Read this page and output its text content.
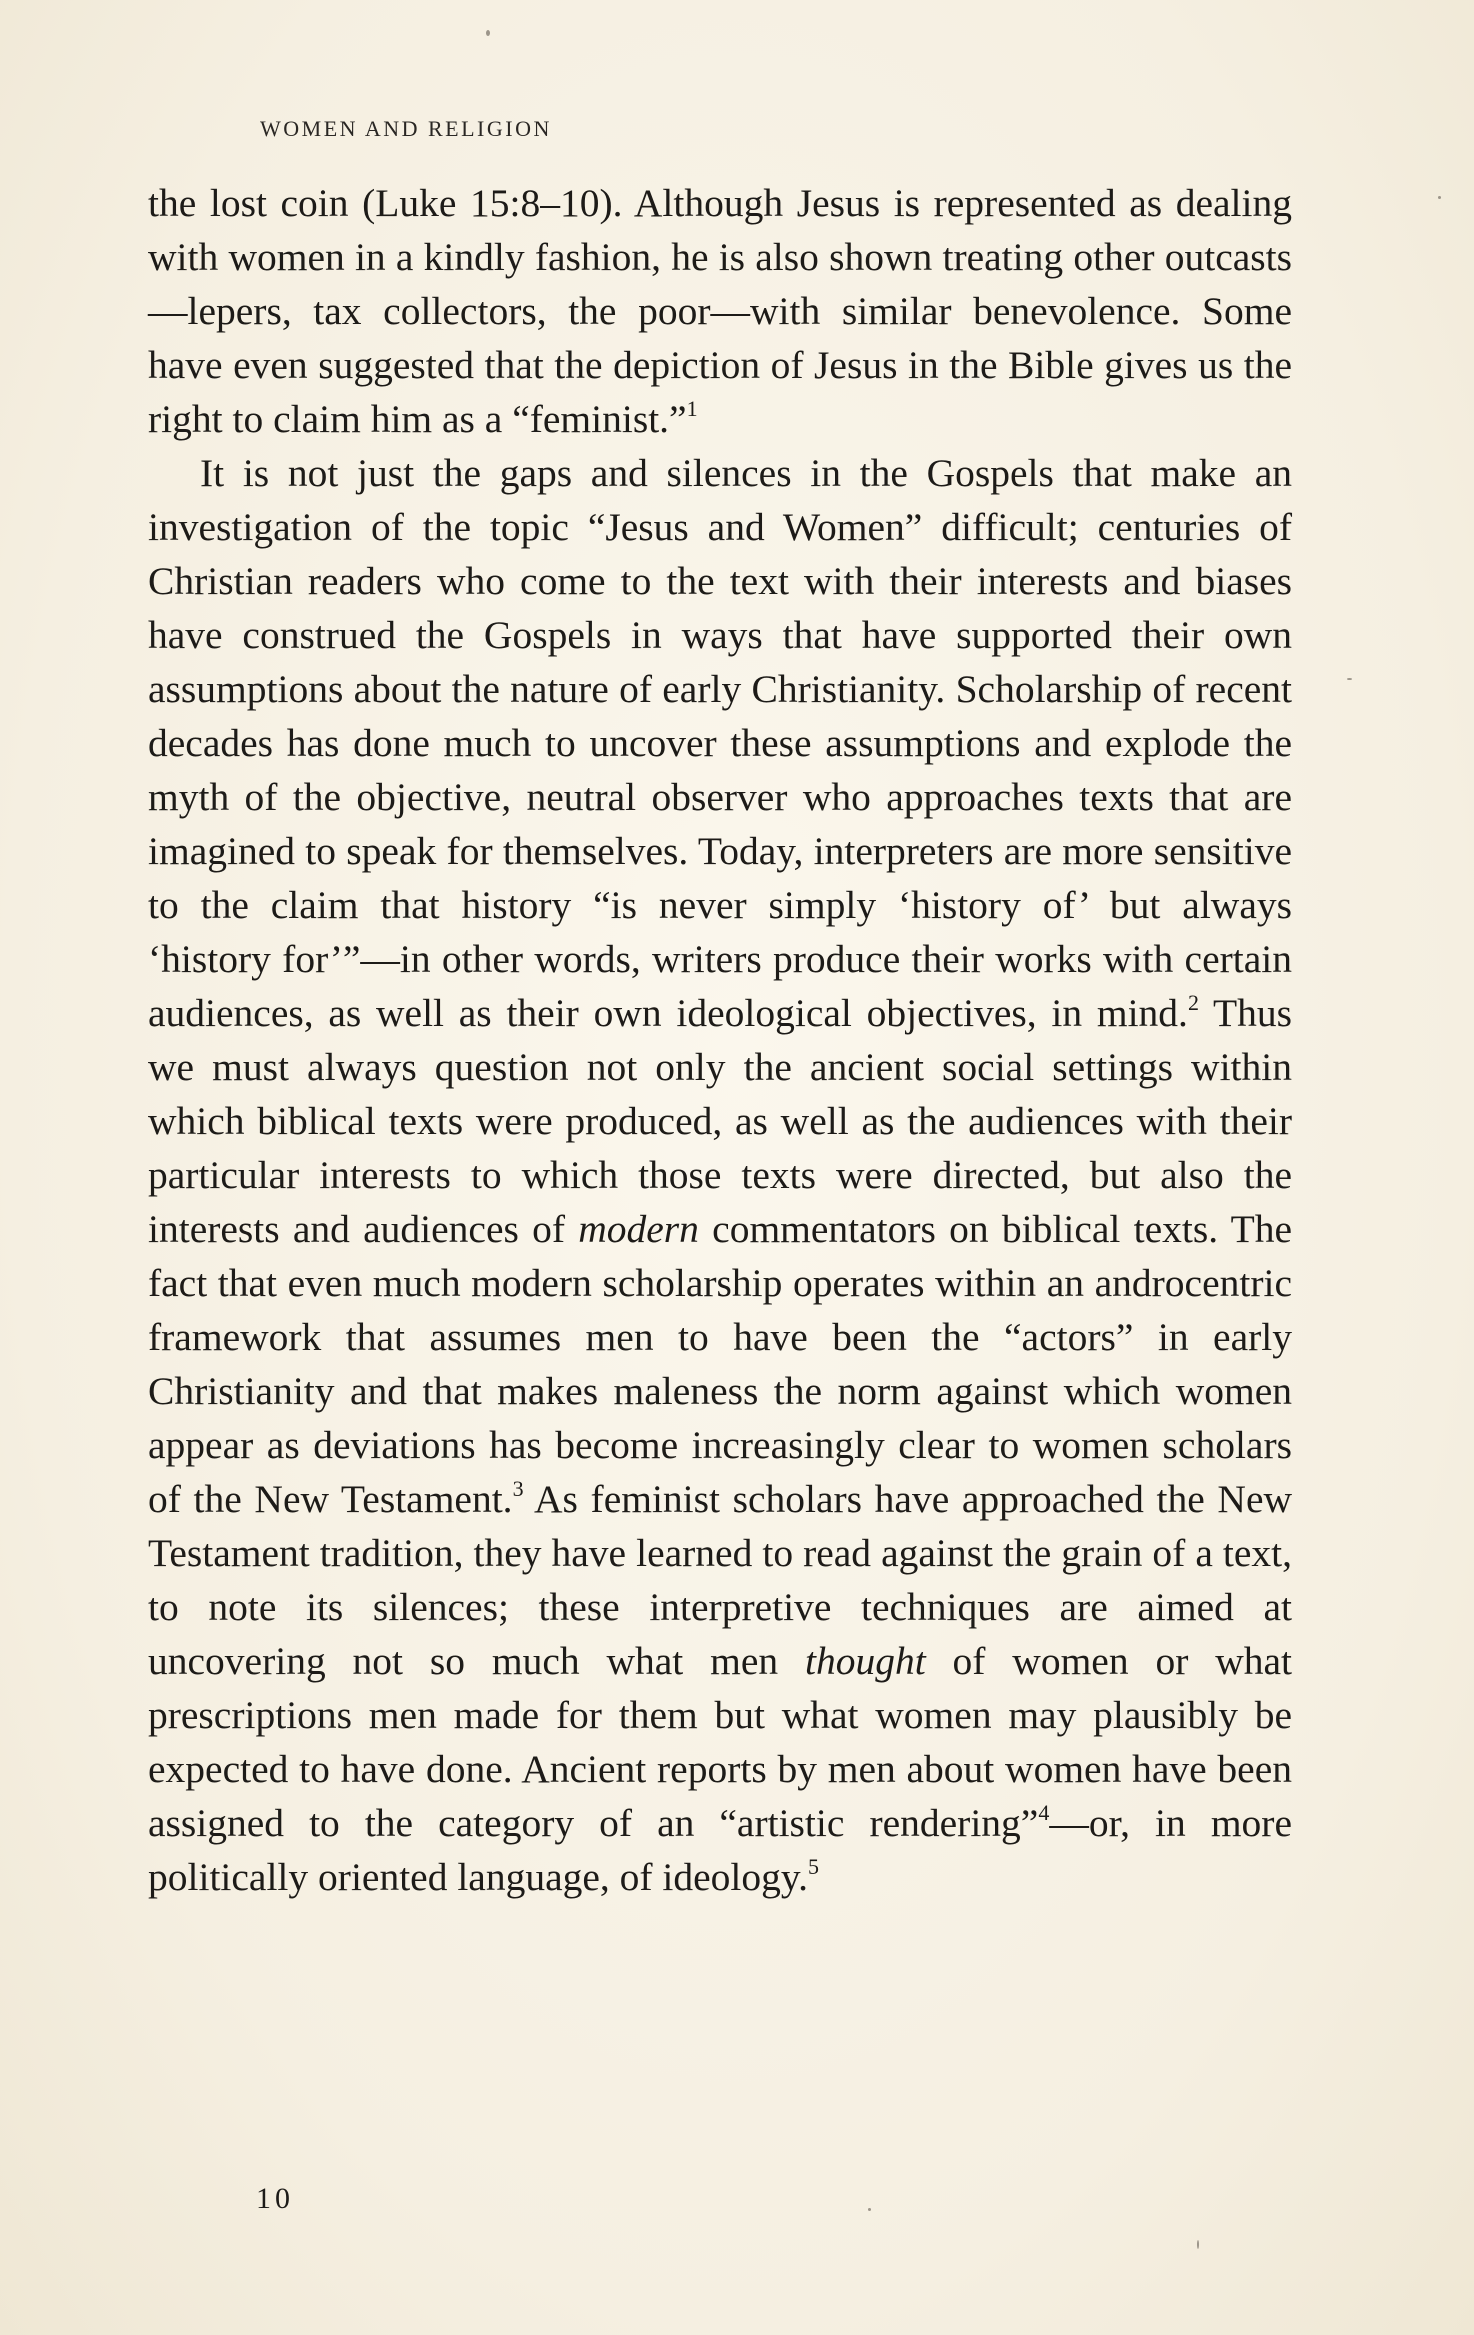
WOMEN AND RELIGION

the lost coin (Luke 15:8–10). Although Jesus is represented as dealing with women in a kindly fashion, he is also shown treating other outcasts—lepers, tax collectors, the poor—with similar benevolence. Some have even suggested that the depiction of Jesus in the Bible gives us the right to claim him as a “feminist.”$^1$

It is not just the gaps and silences in the Gospels that make an investigation of the topic “Jesus and Women” difficult; centuries of Christian readers who come to the text with their interests and biases have construed the Gospels in ways that have supported their own assumptions about the nature of early Christianity. Scholarship of recent decades has done much to uncover these assumptions and explode the myth of the objective, neutral observer who approaches texts that are imagined to speak for themselves. Today, interpreters are more sensitive to the claim that history “is never simply ‘history of’ but always ‘history for’”—in other words, writers produce their works with certain audiences, as well as their own ideological objectives, in mind.$^2$ Thus we must always question not only the ancient social settings within which biblical texts were produced, as well as the audiences with their particular interests to which those texts were directed, but also the interests and audiences of modern commentators on biblical texts. The fact that even much modern scholarship operates within an androcentric framework that assumes men to have been the “actors” in early Christianity and that makes maleness the norm against which women appear as deviations has become increasingly clear to women scholars of the New Testament.$^3$ As feminist scholars have approached the New Testament tradition, they have learned to read against the grain of a text, to note its silences; these interpretive techniques are aimed at uncovering not so much what men thought of women or what prescriptions men made for them but what women may plausibly be expected to have done. Ancient reports by men about women have been assigned to the category of an “artistic rendering”$^4$—or, in more politically oriented language, of ideology.$^5$

10
